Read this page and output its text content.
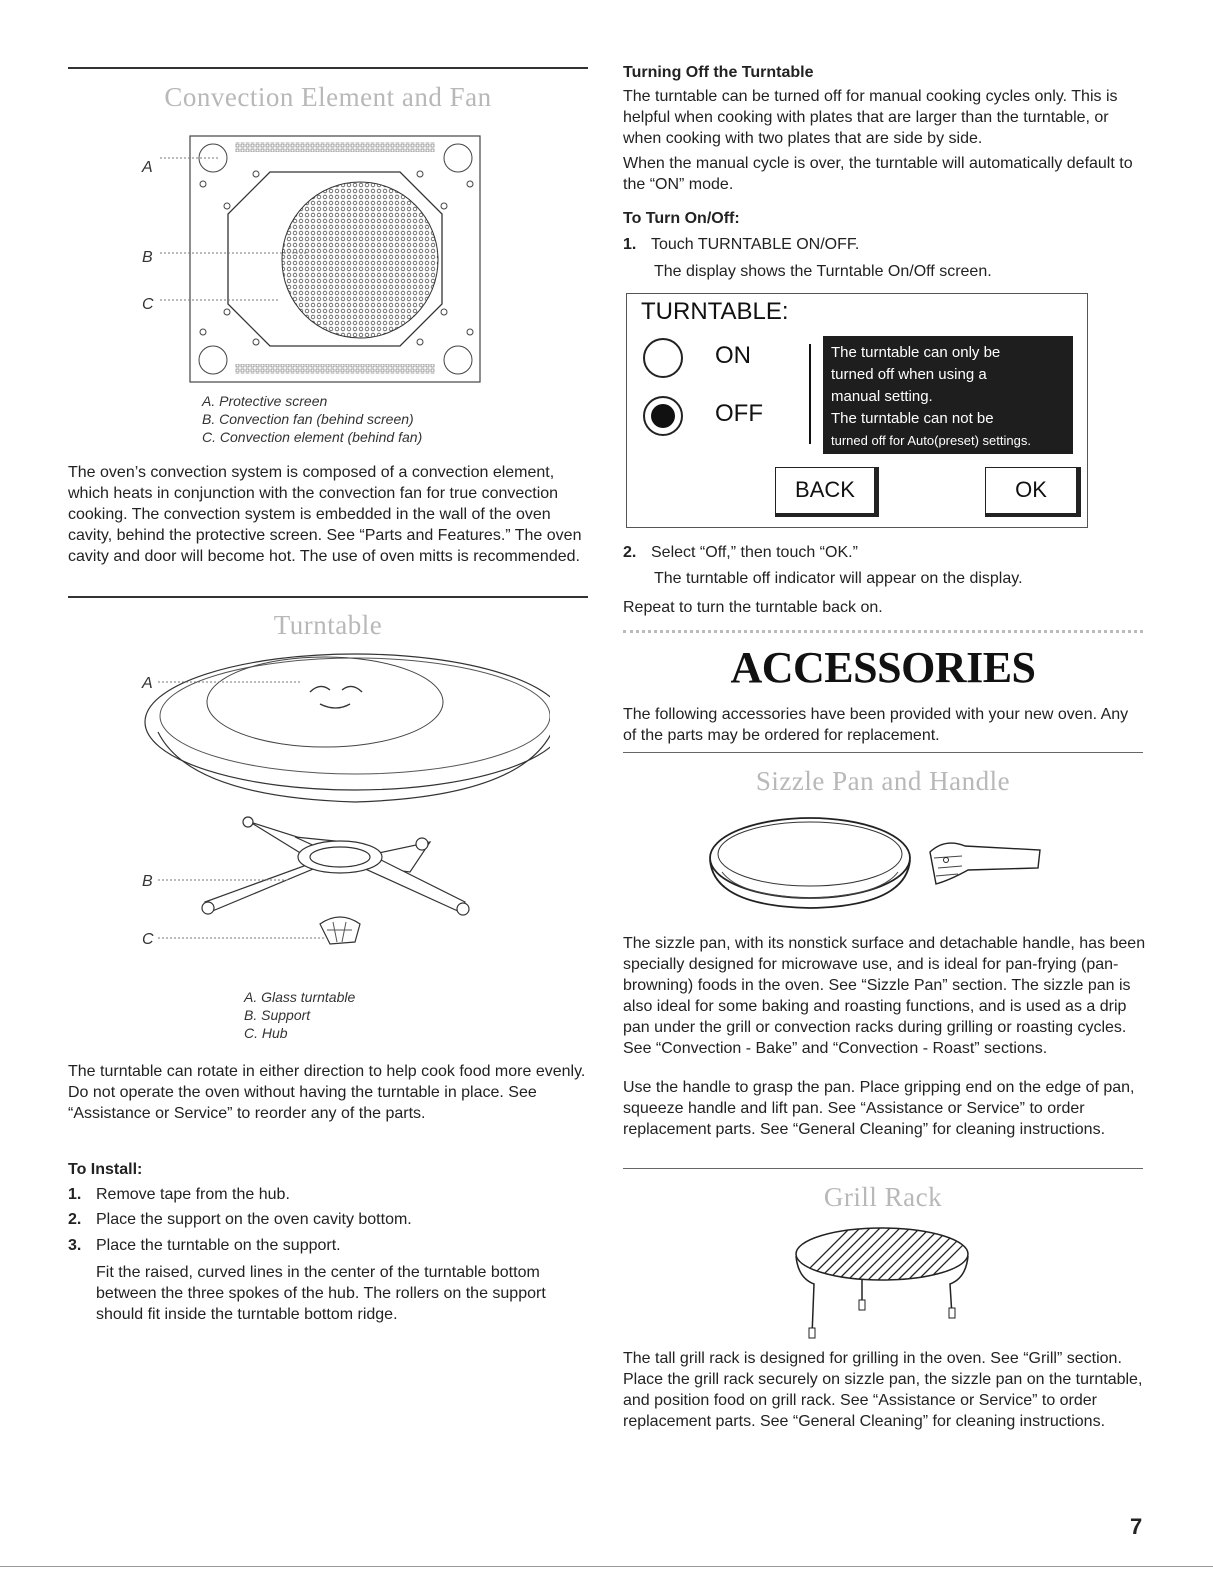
Convection Element and Fan
A
B
C
A. Protective screen
B. Convection fan (behind screen)
C. Convection element (behind fan)

The oven’s convection system is composed of a convection element, which heats in conjunction with the convection fan for true convection cooking. The convection system is embedded in the wall of the oven cavity, behind the protective screen. See “Parts and Features.” The oven cavity and door will become hot. The use of oven mitts is recommended.

Turntable
A
B
C
A. Glass turntable
B. Support
C. Hub

The turntable can rotate in either direction to help cook food more evenly. Do not operate the oven without having the turntable in place. See “Assistance or Service” to reorder any of the parts.

To Install:

1. Remove tape from the hub.
2. Place the support on the oven cavity bottom.
3. Place the turntable on the support.

Fit the raised, curved lines in the center of the turntable bottom between the three spokes of the hub. The rollers on the support should fit inside the turntable bottom ridge.

Turning Off the Turntable

The turntable can be turned off for manual cooking cycles only. This is helpful when cooking with plates that are larger than the turntable, or when cooking with two plates that are side by side.

When the manual cycle is over, the turntable will automatically default to the “ON” mode.

To Turn On/Off:

1. Touch TURNTABLE ON/OFF.

The display shows the Turntable On/Off screen.

TURNTABLE:
ON
OFF
The turntable can only be
turned off when using a
manual setting.
The turntable can not be
turned off for Auto(preset) settings.
BACK	OK
2. Select “Off,” then touch “OK.”

The turntable off indicator will appear on the display.

Repeat to turn the turntable back on.

ACCESSORIES

The following accessories have been provided with your new oven. Any of the parts may be ordered for replacement.

Sizzle Pan and Handle

The sizzle pan, with its nonstick surface and detachable handle, has been specially designed for microwave use, and is ideal for pan-frying (pan-browning) foods in the oven. See “Sizzle Pan” section. The sizzle pan is also ideal for some baking and roasting functions, and is used as a drip pan under the grill or convection racks during grilling or roasting cycles. See “Convection - Bake” and “Convection - Roast” sections.

Use the handle to grasp the pan. Place gripping end on the edge of pan, squeeze handle and lift pan. See “Assistance or Service” to order replacement parts. See “General Cleaning” for cleaning instructions.

Grill Rack

The tall grill rack is designed for grilling in the oven. See “Grill” section. Place the grill rack securely on sizzle pan, the sizzle pan on the turntable, and position food on grill rack. See “Assistance or Service” to order replacement parts. See “General Cleaning” for cleaning instructions.

7
